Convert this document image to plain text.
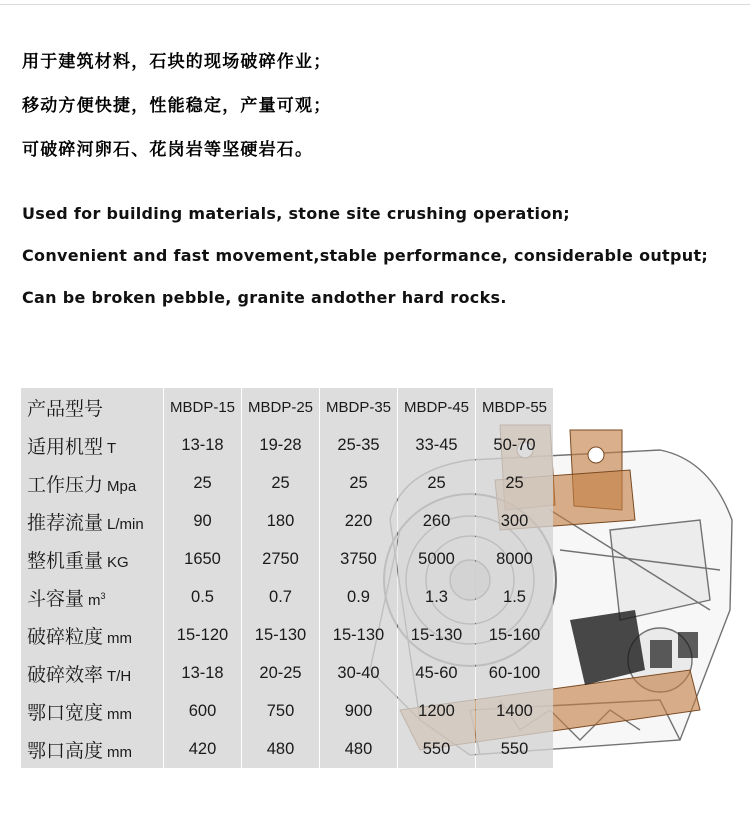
用于建筑材料，石块的现场破碎作业；
移动方便快捷，性能稳定，产量可观；
可破碎河卵石、花岗岩等坚硬岩石。
Used for building materials, stone site crushing operation;
Convenient and fast movement,stable performance, considerable output;
Can be broken pebble, granite andother hard rocks.
产品型号	MBDP-15	MBDP-25	MBDP-35	MBDP-45	MBDP-55
适用机型 T	13-18	19-28	25-35	33-45	50-70
工作压力 Mpa	25	25	25	25	25
推荐流量 L/min	90	180	220	260	300
整机重量 KG	1650	2750	3750	5000	8000
斗容量 $m^3$	0.5	0.7	0.9	1.3	1.5
破碎粒度 mm	15-120	15-130	15-130	15-130	15-160
破碎效率 T/H	13-18	20-25	30-40	45-60	60-100
鄂口宽度 mm	600	750	900	1200	1400
鄂口高度 mm	420	480	480	550	550
